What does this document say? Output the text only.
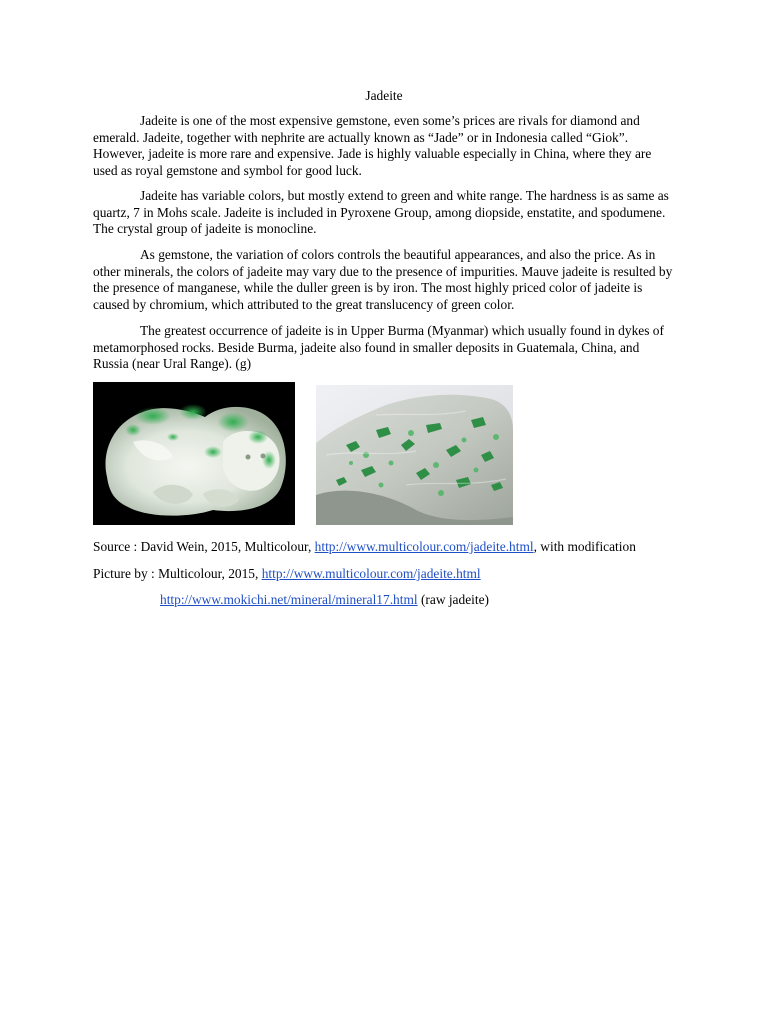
Jadeite

Jadeite is one of the most expensive gemstone, even some’s prices are rivals for diamond and emerald. Jadeite, together with nephrite are actually known as “Jade” or in Indonesia called “Giok”. However, jadeite is more rare and expensive. Jade is highly valuable especially in China, where they are used as royal gemstone and symbol for good luck.

Jadeite has variable colors, but mostly extend to green and white range. The hardness is as same as quartz, 7 in Mohs scale. Jadeite is included in Pyroxene Group, among diopside, enstatite, and spodumene. The crystal group of jadeite is monocline.

As gemstone, the variation of colors controls the beautiful appearances, and also the price. As in other minerals, the colors of jadeite may vary due to the presence of impurities. Mauve jadeite is resulted by the presence of manganese, while the duller green is by iron. The most highly priced color of jadeite is caused by chromium, which attributed to the great translucency of green color.

The greatest occurrence of jadeite is in Upper Burma (Myanmar) which usually found in dykes of metamorphosed rocks. Beside Burma, jadeite also found in smaller deposits in Guatemala, China, and Russia (near Ural Range). (g)

Source : David Wein, 2015, Multicolour, http://www.multicolour.com/jadeite.html, with modification
Picture by : Multicolour, 2015, http://www.multicolour.com/jadeite.html
http://www.mokichi.net/mineral/mineral17.html (raw jadeite)
